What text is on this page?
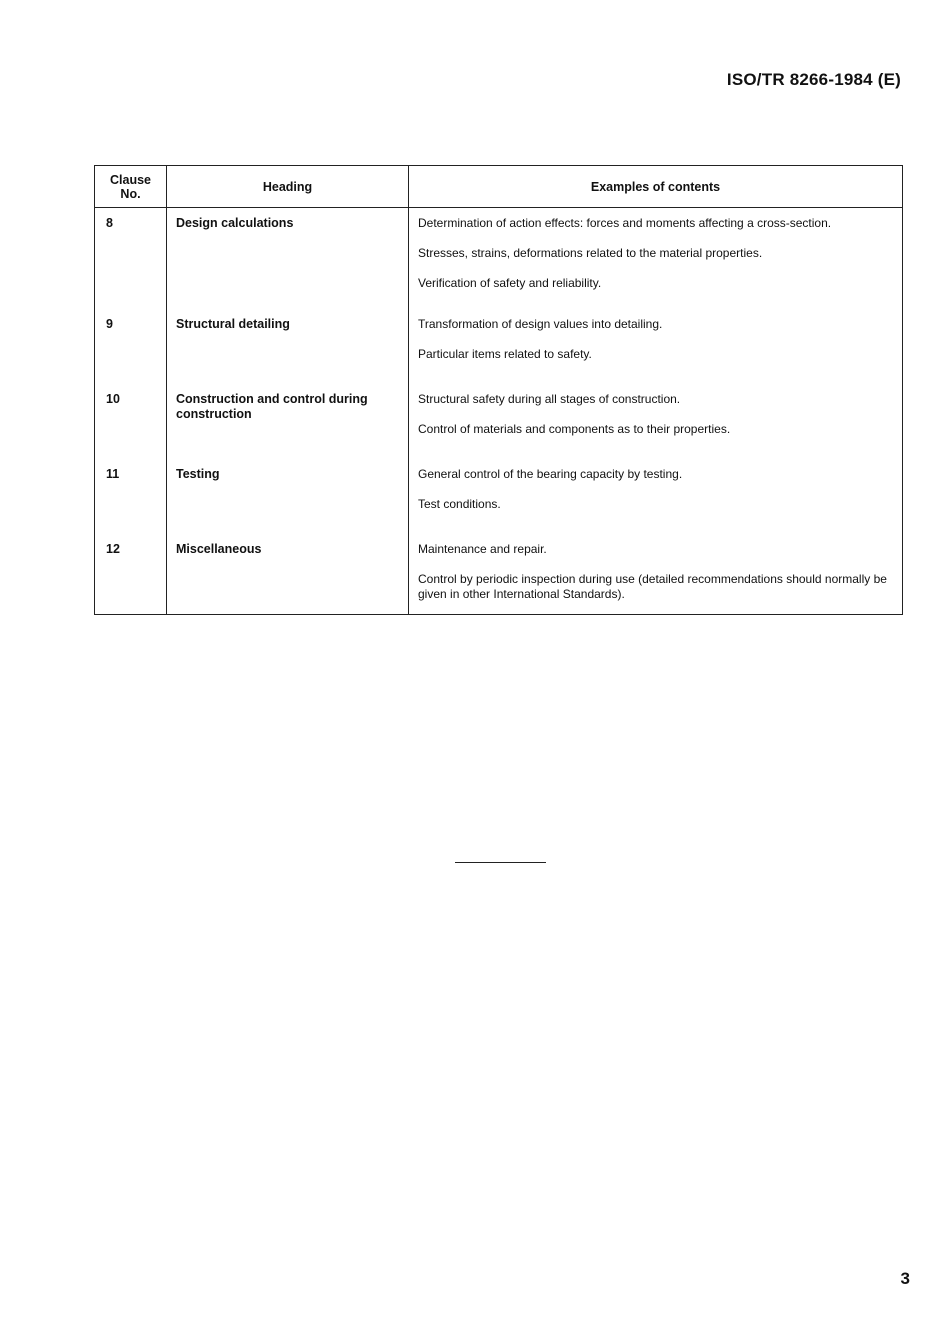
ISO/TR 8266-1984 (E)
Clause
No.	Heading	Examples of contents
8	Design calculations	Determination of action effects: forces and moments affecting a cross-section.
Stresses, strains, deformations related to the material properties.
Verification of safety and reliability.

9	Structural detailing	Transformation of design values into detailing.
Particular items related to safety.

10	Construction and control during construction	Structural safety during all stages of construction.
Control of materials and components as to their properties.

11	Testing	General control of the bearing capacity by testing.
Test conditions.

12	Miscellaneous	Maintenance and repair.
Control by periodic inspection during use (detailed recommendations should normally be given in other International Standards).
3
